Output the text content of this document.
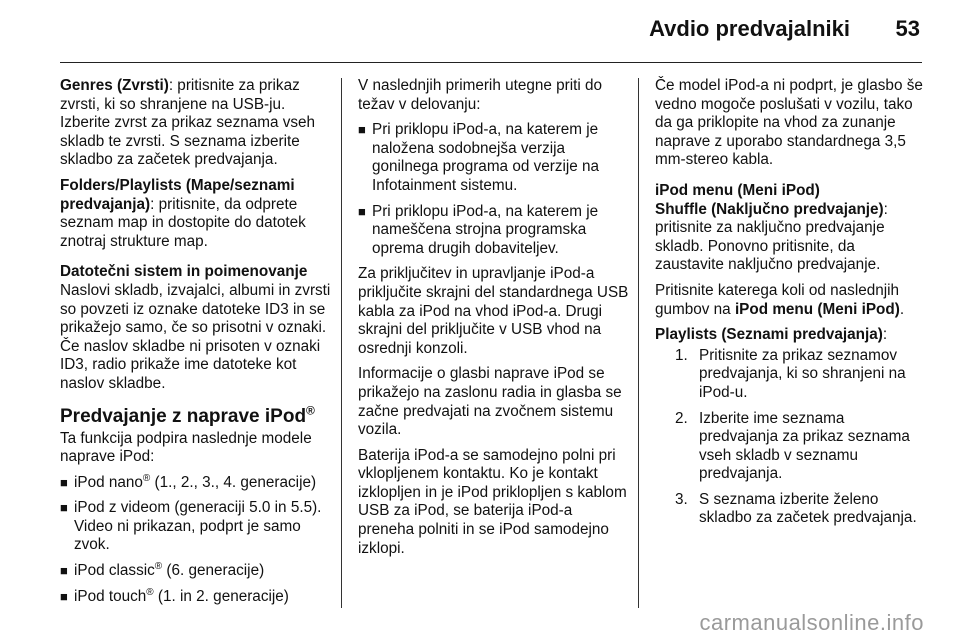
Avdio predvajalniki 53

Genres (Zvrsti): pritisnite za prikaz zvrsti, ki so shranjene na USB-ju. Izberite zvrst za prikaz seznama vseh skladb te zvrsti. S seznama izberite skladbo za začetek predvajanja.

Folders/Playlists (Mape/seznami predvajanja): pritisnite, da odprete seznam map in dostopite do datotek znotraj strukture map.

Datotečni sistem in poimenovanje

Naslovi skladb, izvajalci, albumi in zvrsti so povzeti iz oznake datoteke ID3 in se prikažejo samo, če so prisotni v oznaki. Če naslov skladbe ni prisoten v oznaki ID3, radio prikaže ime datoteke kot naslov skladbe.

Predvajanje z naprave iPod®

Ta funkcija podpira naslednje modele naprave iPod:

■ iPod nano® (1., 2., 3., 4. generacije)
■ iPod z videom (generaciji 5.0 in 5.5). Video ni prikazan, podprt je samo zvok.
■ iPod classic® (6. generacije)
■ iPod touch® (1. in 2. generacije)

V naslednjih primerih utegne priti do težav v delovanju:

■ Pri priklopu iPod-a, na katerem je naložena sodobnejša verzija gonilnega programa od verzije na Infotainment sistemu.
■ Pri priklopu iPod-a, na katerem je nameščena strojna programska oprema drugih dobaviteljev.

Za priključitev in upravljanje iPod-a priključite skrajni del standardnega USB kabla za iPod na vhod iPod-a. Drugi skrajni del priključite v USB vhod na osrednji konzoli.

Informacije o glasbi naprave iPod se prikažejo na zaslonu radia in glasba se začne predvajati na zvočnem sistemu vozila.

Baterija iPod-a se samodejno polni pri vklopljenem kontaktu. Ko je kontakt izklopljen in je iPod priklopljen s kablom USB za iPod, se baterija iPod-a preneha polniti in se iPod samodejno izklopi.

Če model iPod-a ni podprt, je glasbo še vedno mogoče poslušati v vozilu, tako da ga priklopite na vhod za zunanje naprave z uporabo standardnega 3,5 mm-stereo kabla.

iPod menu (Meni iPod)

Shuffle (Naključno predvajanje): pritisnite za naključno predvajanje skladb. Ponovno pritisnite, da zaustavite naključno predvajanje.

Pritisnite katerega koli od naslednjih gumbov na iPod menu (Meni iPod).

Playlists (Seznami predvajanja):

1. Pritisnite za prikaz seznamov predvajanja, ki so shranjeni na iPod-u.
2. Izberite ime seznama predvajanja za prikaz seznama vseh skladb v seznamu predvajanja.
3. S seznama izberite želeno skladbo za začetek predvajanja.
carmanualsonline.info
